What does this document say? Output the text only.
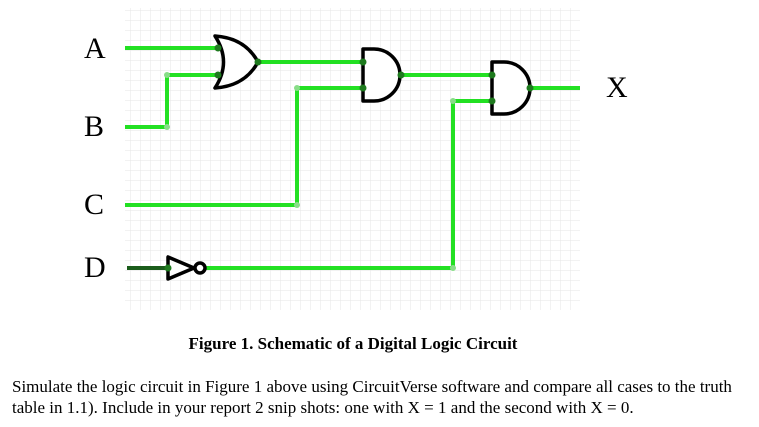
A
B
C
D
X
Figure 1. Schematic of a Digital Logic Circuit

Simulate the logic circuit in Figure 1 above using CircuitVerse software and compare all cases to the truth table in 1.1). Include in your report 2 snip shots: one with X = 1 and the second with X = 0.
